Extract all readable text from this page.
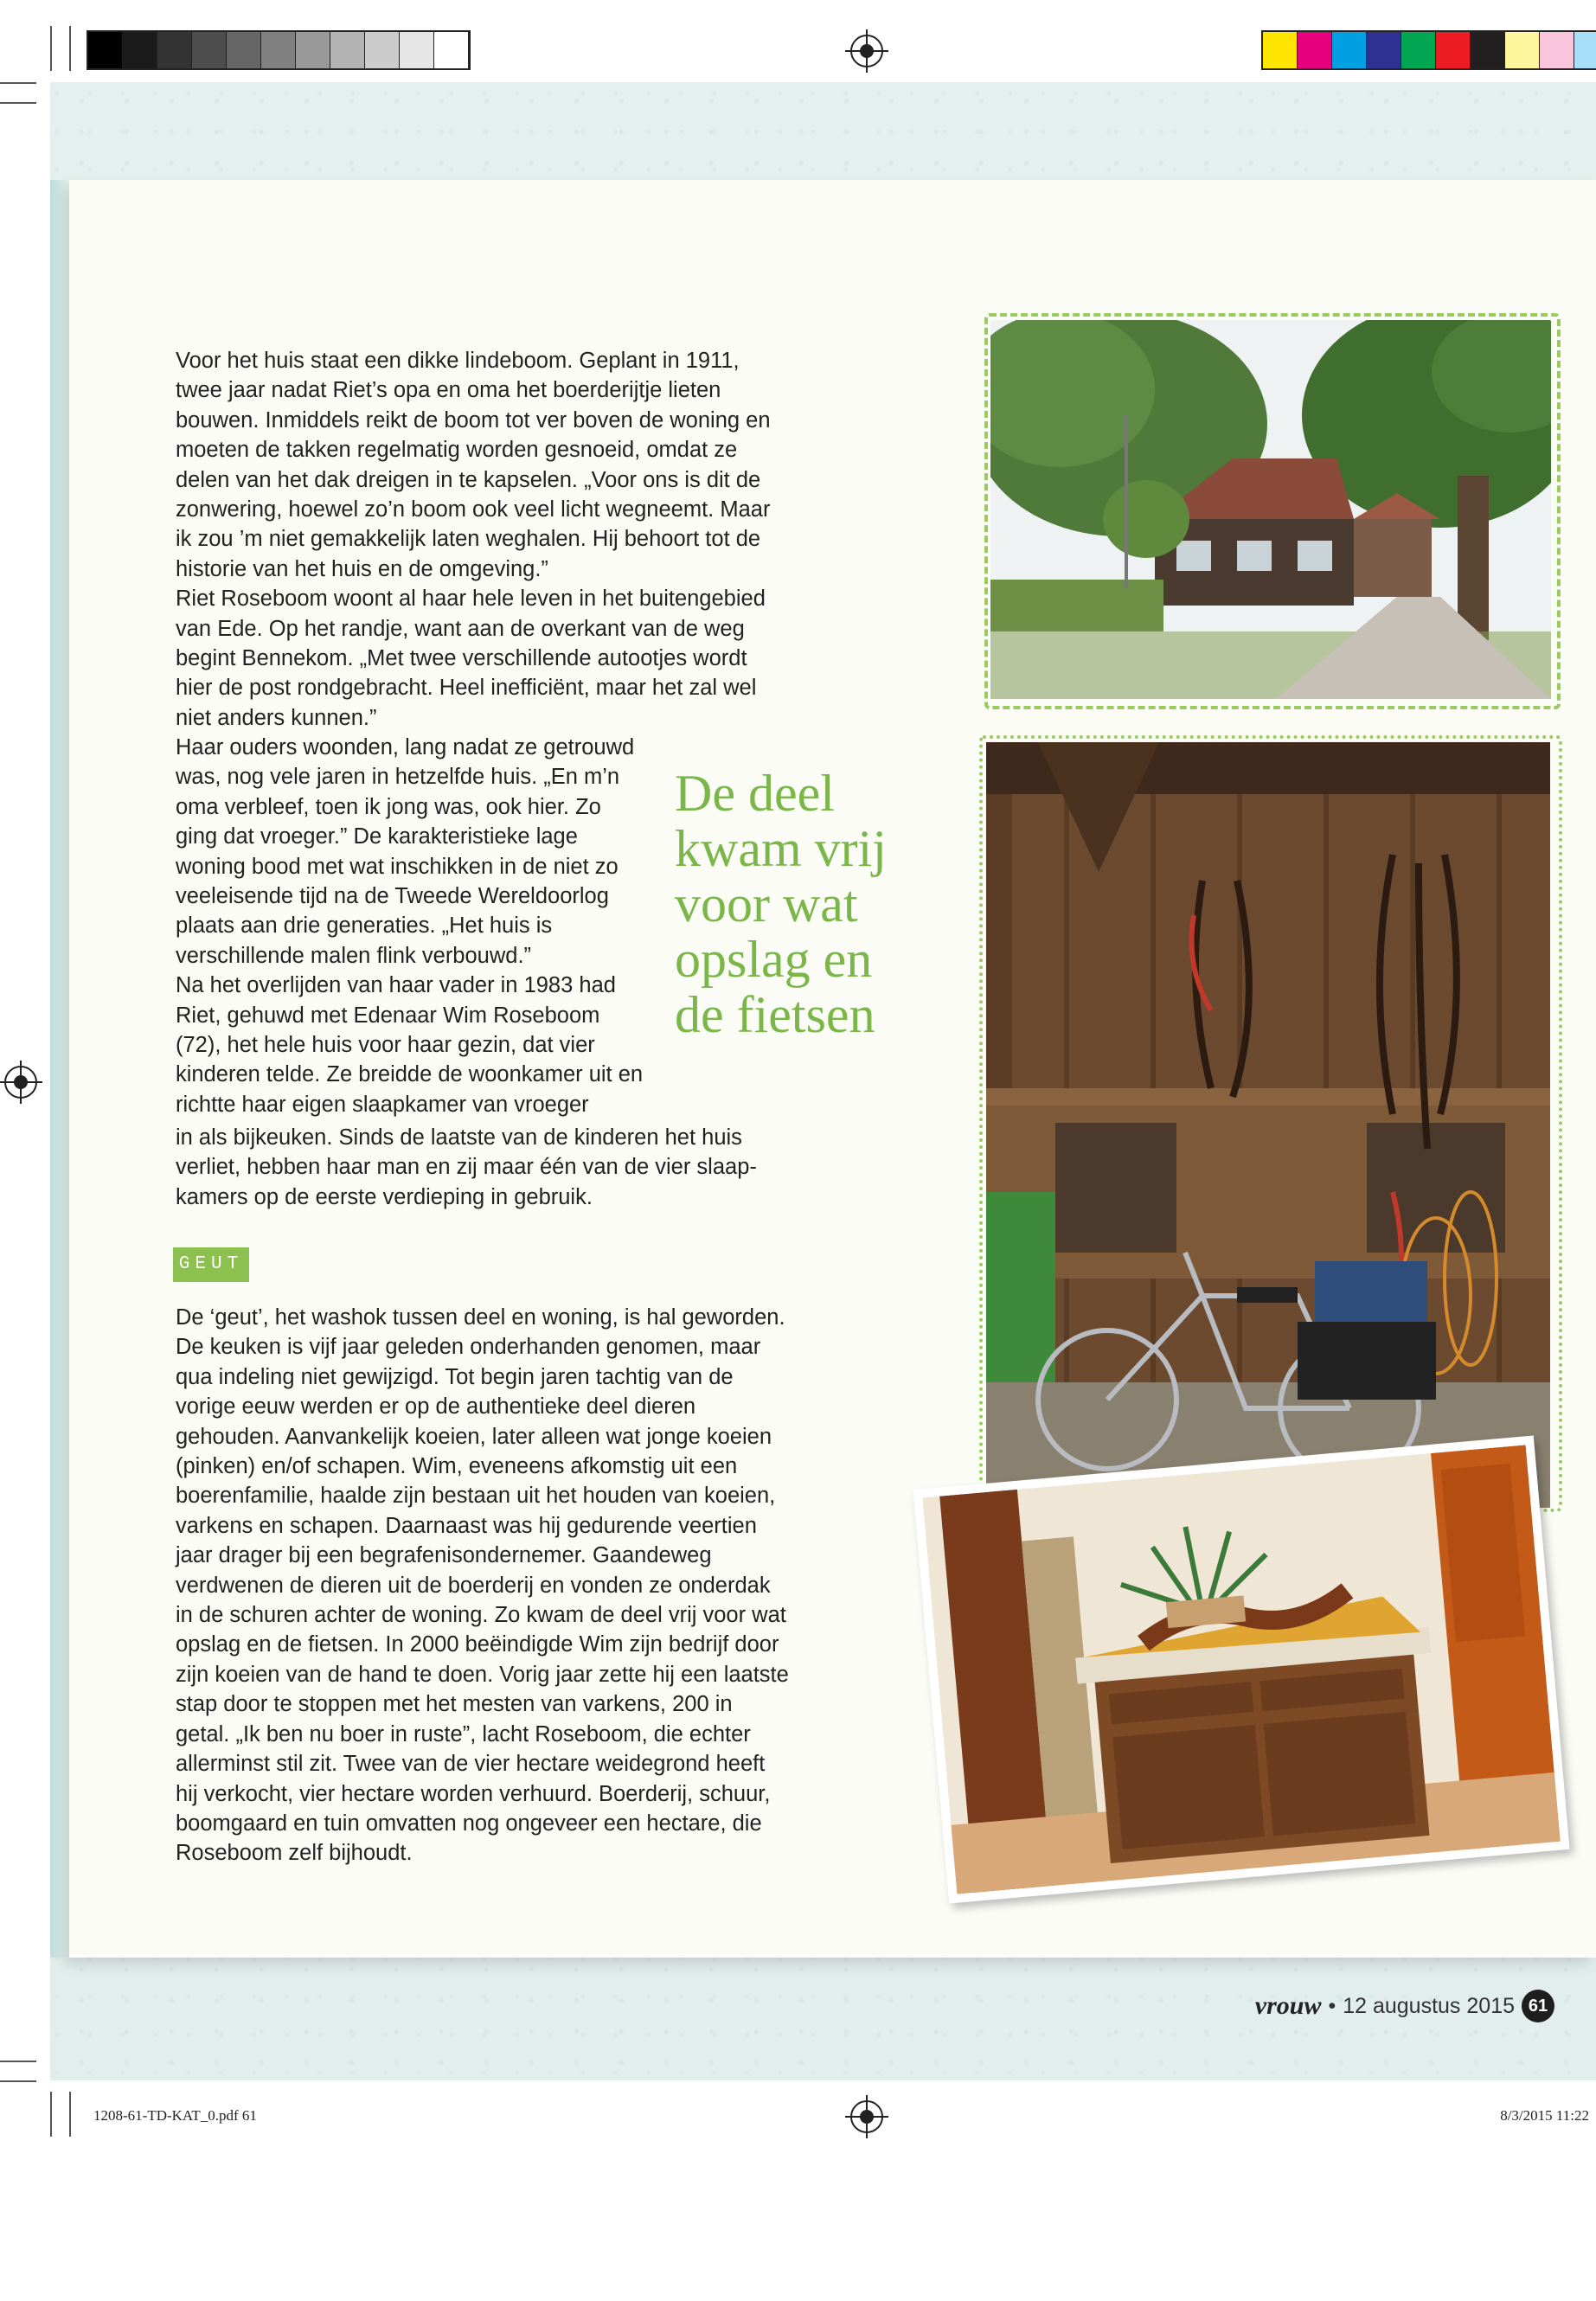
Voor het huis staat een dikke lindeboom. Geplant in 1911, twee jaar nadat Riet’s opa en oma het boerderijtje lieten bouwen. Inmiddels reikt de boom tot ver boven de woning en moeten de takken regelmatig worden gesnoeid, omdat ze delen van het dak dreigen in te kapselen. „Voor ons is dit de zonwering, hoewel zo’n boom ook veel licht wegneemt. Maar ik zou ’m niet gemakkelijk laten weghalen. Hij behoort tot de historie van het huis en de omgeving.”

Riet Roseboom woont al haar hele leven in het buitengebied van Ede. Op het randje, want aan de overkant van de weg begint Bennekom. „Met twee verschillende autootjes wordt hier de post rondgebracht. Heel inefficiënt, maar het zal wel niet anders kunnen.”

Haar ouders woonden, lang nadat ze getrouwd was, nog vele jaren in hetzelfde huis. „En m’n oma verbleef, toen ik jong was, ook hier. Zo ging dat vroeger.” De karakteristieke lage woning bood met wat inschikken in de niet zo veeleisende tijd na de Tweede Wereldoorlog plaats aan drie generaties. „Het huis is verschillende malen flink verbouwd.”

Na het overlijden van haar vader in 1983 had Riet, gehuwd met Edenaar Wim Roseboom (72), het hele huis voor haar gezin, dat vier kinderen telde. Ze breidde de woonkamer uit en richtte haar eigen slaapkamer van vroeger

in als bijkeuken. Sinds de laatste van de kinderen het huis verliet, hebben haar man en zij maar één van de vier slaapkamers op de eerste verdieping in gebruik.

De deel

kwam vrij

voor wat

opslag en

de fietsen

GEUT

De ‘geut’, het washok tussen deel en woning, is hal geworden. De keuken is vijf jaar geleden onderhanden genomen, maar qua indeling niet gewijzigd. Tot begin jaren tachtig van de vorige eeuw werden er op de authentieke deel dieren gehouden. Aanvankelijk koeien, later alleen wat jonge koeien (pinken) en/of schapen. Wim, eveneens afkomstig uit een boerenfamilie, haalde zijn bestaan uit het houden van koeien, varkens en schapen. Daarnaast was hij gedurende veertien jaar drager bij een begrafenisondernemer. Gaandeweg verdwenen de dieren uit de boerderij en vonden ze onderdak in de schuren achter de woning. Zo kwam de deel vrij voor wat opslag en de fietsen. In 2000 beëindigde Wim zijn bedrijf door zijn koeien van de hand te doen. Vorig jaar zette hij een laatste stap door te stoppen met het mesten van varkens, 200 in getal. „Ik ben nu boer in ruste”, lacht Roseboom, die echter allerminst stil zit. Twee van de vier hectare weidegrond heeft hij verkocht, vier hectare worden verhuurd. Boerderij, schuur, boomgaard en tuin omvatten nog ongeveer een hectare, die Roseboom zelf bijhoudt.

vrouw • 12 augustus 2015 61
1208-61-TD-KAT_0.pdf 61	8/3/2015 11:22
